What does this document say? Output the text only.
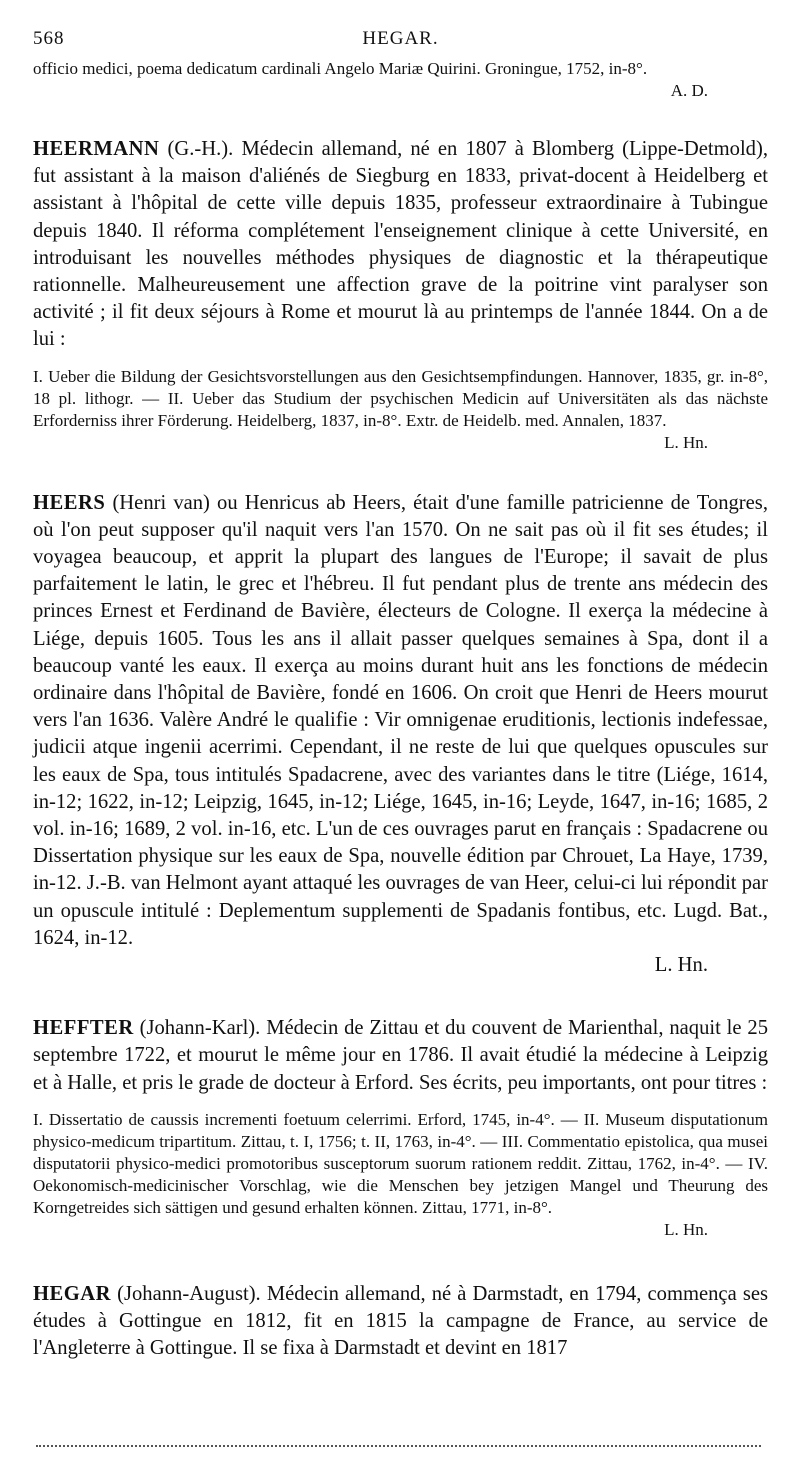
568	HEGAR.

officio medici, poema dedicatum cardinali Angelo Mariæ Quirini. Groningue, 1752, in-8°.

A. D.

HEERMANN (G.-H.). Médecin allemand, né en 1807 à Blomberg (Lippe-Detmold), fut assistant à la maison d'aliénés de Siegburg en 1833, privat-docent à Heidelberg et assistant à l'hôpital de cette ville depuis 1835, professeur extraordinaire à Tubingue depuis 1840. Il réforma complétement l'enseignement clinique à cette Université, en introduisant les nouvelles méthodes physiques de diagnostic et la thérapeutique rationnelle. Malheureusement une affection grave de la poitrine vint paralyser son activité ; il fit deux séjours à Rome et mourut là au printemps de l'année 1844. On a de lui :

I. Ueber die Bildung der Gesichtsvorstellungen aus den Gesichtsempfindungen. Hannover, 1835, gr. in-8°, 18 pl. lithogr. — II. Ueber das Studium der psychischen Medicin auf Universitäten als das nächste Erforderniss ihrer Förderung. Heidelberg, 1837, in-8°. Extr. de Heidelb. med. Annalen, 1837.

L. Hn.

HEERS (Henri van) ou Henricus ab Heers, était d'une famille patricienne de Tongres, où l'on peut supposer qu'il naquit vers l'an 1570. On ne sait pas où il fit ses études; il voyagea beaucoup, et apprit la plupart des langues de l'Europe; il savait de plus parfaitement le latin, le grec et l'hébreu. Il fut pendant plus de trente ans médecin des princes Ernest et Ferdinand de Bavière, électeurs de Cologne. Il exerça la médecine à Liége, depuis 1605. Tous les ans il allait passer quelques semaines à Spa, dont il a beaucoup vanté les eaux. Il exerça au moins durant huit ans les fonctions de médecin ordinaire dans l'hôpital de Bavière, fondé en 1606. On croit que Henri de Heers mourut vers l'an 1636. Valère André le qualifie : Vir omnigenae eruditionis, lectionis indefessae, judicii atque ingenii acerrimi. Cependant, il ne reste de lui que quelques opuscules sur les eaux de Spa, tous intitulés Spadacrene, avec des variantes dans le titre (Liége, 1614, in-12; 1622, in-12; Leipzig, 1645, in-12; Liége, 1645, in-16; Leyde, 1647, in-16; 1685, 2 vol. in-16; 1689, 2 vol. in-16, etc. L'un de ces ouvrages parut en français : Spadacrene ou Dissertation physique sur les eaux de Spa, nouvelle édition par Chrouet, La Haye, 1739, in-12. J.-B. van Helmont ayant attaqué les ouvrages de van Heer, celui-ci lui répondit par un opuscule intitulé : Deplementum supplementi de Spadanis fontibus, etc. Lugd. Bat., 1624, in-12.

L. Hn.

HEFFTER (Johann-Karl). Médecin de Zittau et du couvent de Marienthal, naquit le 25 septembre 1722, et mourut le même jour en 1786. Il avait étudié la médecine à Leipzig et à Halle, et pris le grade de docteur à Erford. Ses écrits, peu importants, ont pour titres :

I. Dissertatio de caussis incrementi foetuum celerrimi. Erford, 1745, in-4°. — II. Museum disputationum physico-medicum tripartitum. Zittau, t. I, 1756; t. II, 1763, in-4°. — III. Commentatio epistolica, qua musei disputatorii physico-medici promotoribus susceptorum suorum rationem reddit. Zittau, 1762, in-4°. — IV. Oekonomisch-medicinischer Vorschlag, wie die Menschen bey jetzigen Mangel und Theurung des Korngetreides sich sättigen und gesund erhalten können. Zittau, 1771, in-8°.

L. Hn.

HEGAR (Johann-August). Médecin allemand, né à Darmstadt, en 1794, commença ses études à Gottingue en 1812, fit en 1815 la campagne de France, au service de l'Angleterre à Gottingue. Il se fixa à Darmstadt et devint en 1817
